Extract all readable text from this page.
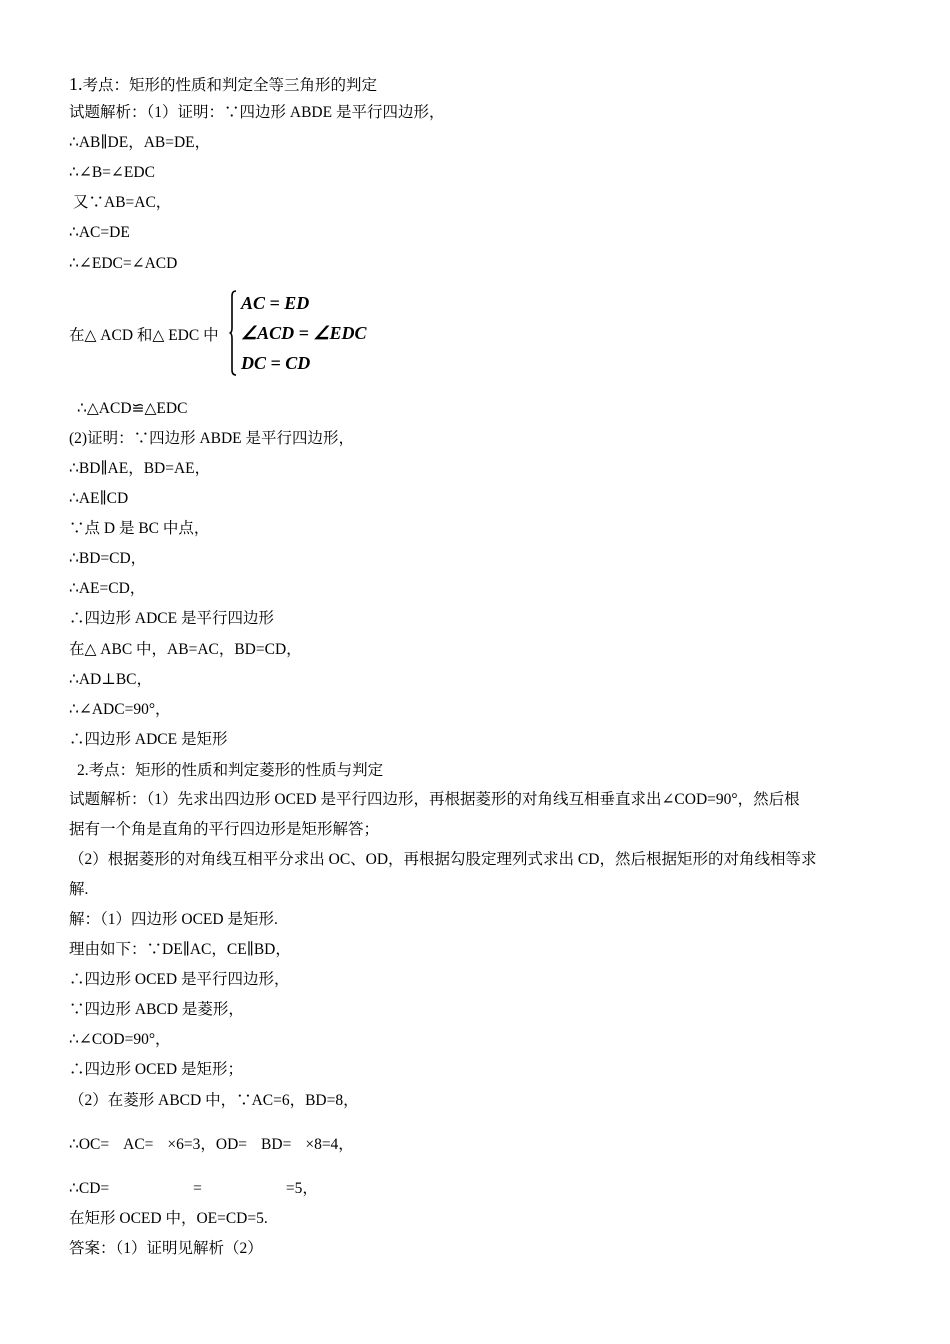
1.考点：矩形的性质和判定全等三角形的判定
试题解析：（1）证明：∵四边形 ABDE 是平行四边形，
∴AB∥DE，AB=DE，
∴∠B=∠EDC
又∵AB=AC，
∴AC=DE
∴∠EDC=∠ACD
在△ ACD 和△ EDC 中
AC = ED
∠ACD = ∠EDC
DC = CD
∴△ACD≌△EDC
(2)证明：∵四边形 ABDE 是平行四边形，
∴BD∥AE，BD=AE，
∴AE∥CD
∵点 D 是 BC 中点，
∴BD=CD，
∴AE=CD，
∴四边形 ADCE 是平行四边形
在△ ABC 中，AB=AC，BD=CD，
∴AD⊥BC，
∴∠ADC=90°，
∴四边形 ADCE 是矩形
2.考点：矩形的性质和判定菱形的性质与判定
试题解析：（1）先求出四边形 OCED 是平行四边形，再根据菱形的对角线互相垂直求出∠COD=90°，然后根
据有一个角是直角的平行四边形是矩形解答；
（2）根据菱形的对角线互相平分求出 OC、OD，再根据勾股定理列式求出 CD，然后根据矩形的对角线相等求
解.
解：（1）四边形 OCED 是矩形.
理由如下：∵DE∥AC，CE∥BD，
∴四边形 OCED 是平行四边形，
∵四边形 ABCD 是菱形，
∴∠COD=90°，
∴四边形 OCED 是矩形；
（2）在菱形 ABCD 中，∵AC=6，BD=8，
∴OC= AC= ×6=3，OD= BD= ×8=4，
∴CD=	=	=5，
在矩形 OCED 中，OE=CD=5.
答案：（1）证明见解析（2）
